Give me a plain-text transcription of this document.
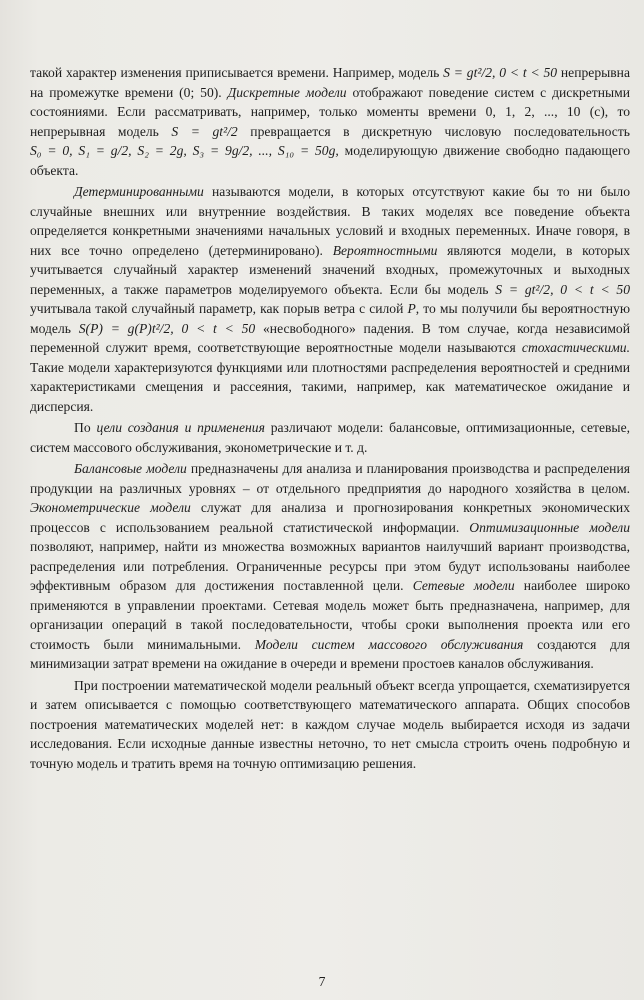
такой характер изменения приписывается времени. Например, модель S = gt²/2, 0 < t < 50 непрерывна на промежутке времени (0; 50). Дискретные модели отображают поведение систем с дискретными состояниями. Если рассматривать, например, только моменты времени 0, 1, 2, ..., 10 (с), то непрерывная модель S = gt²/2 превращается в дискретную числовую последовательность S₀ = 0, S₁ = g/2, S₂ = 2g, S₃ = 9g/2, ..., S₁₀ = 50g, моделирующую движение свободно падающего объекта.

Детерминированными называются модели, в которых отсутствуют какие бы то ни было случайные внешних или внутренние воздействия. В таких моделях все поведение объекта определяется конкретными значениями начальных условий и входных переменных. Иначе говоря, в них все точно определено (детерминировано). Вероятностными являются модели, в которых учитывается случайный характер изменений значений входных, промежуточных и выходных переменных, а также параметров моделируемого объекта. Если бы модель S = gt²/2, 0 < t < 50 учитывала такой случайный параметр, как порыв ветра с силой P, то мы получили бы вероятностную модель S(P) = g(P)t²/2, 0 < t < 50 «несвободного» падения. В том случае, когда независимой переменной служит время, соответствующие вероятностные модели называются стохастическими. Такие модели характеризуются функциями или плотностями распределения вероятностей и средними характеристиками смещения и рассеяния, такими, например, как математическое ожидание и дисперсия.

По цели создания и применения различают модели: балансовые, оптимизационные, сетевые, систем массового обслуживания, эконометрические и т. д.

Балансовые модели предназначены для анализа и планирования производства и распределения продукции на различных уровнях – от отдельного предприятия до народного хозяйства в целом. Эконометрические модели служат для анализа и прогнозирования конкретных экономических процессов с использованием реальной статистической информации. Оптимизационные модели позволяют, например, найти из множества возможных вариантов наилучший вариант производства, распределения или потребления. Ограниченные ресурсы при этом будут использованы наиболее эффективным образом для достижения поставленной цели. Сетевые модели наиболее широко применяются в управлении проектами. Сетевая модель может быть предназначена, например, для организации операций в такой последовательности, чтобы сроки выполнения проекта или его стоимость были минимальными. Модели систем массового обслуживания создаются для минимизации затрат времени на ожидание в очереди и времени простоев каналов обслуживания.

При построении математической модели реальный объект всегда упрощается, схематизируется и затем описывается с помощью соответствующего математического аппарата. Общих способов построения математических моделей нет: в каждом случае модель выбирается исходя из задачи исследования. Если исходные данные известны неточно, то нет смысла строить очень подробную и точную модель и тратить время на точную оптимизацию решения.

7
